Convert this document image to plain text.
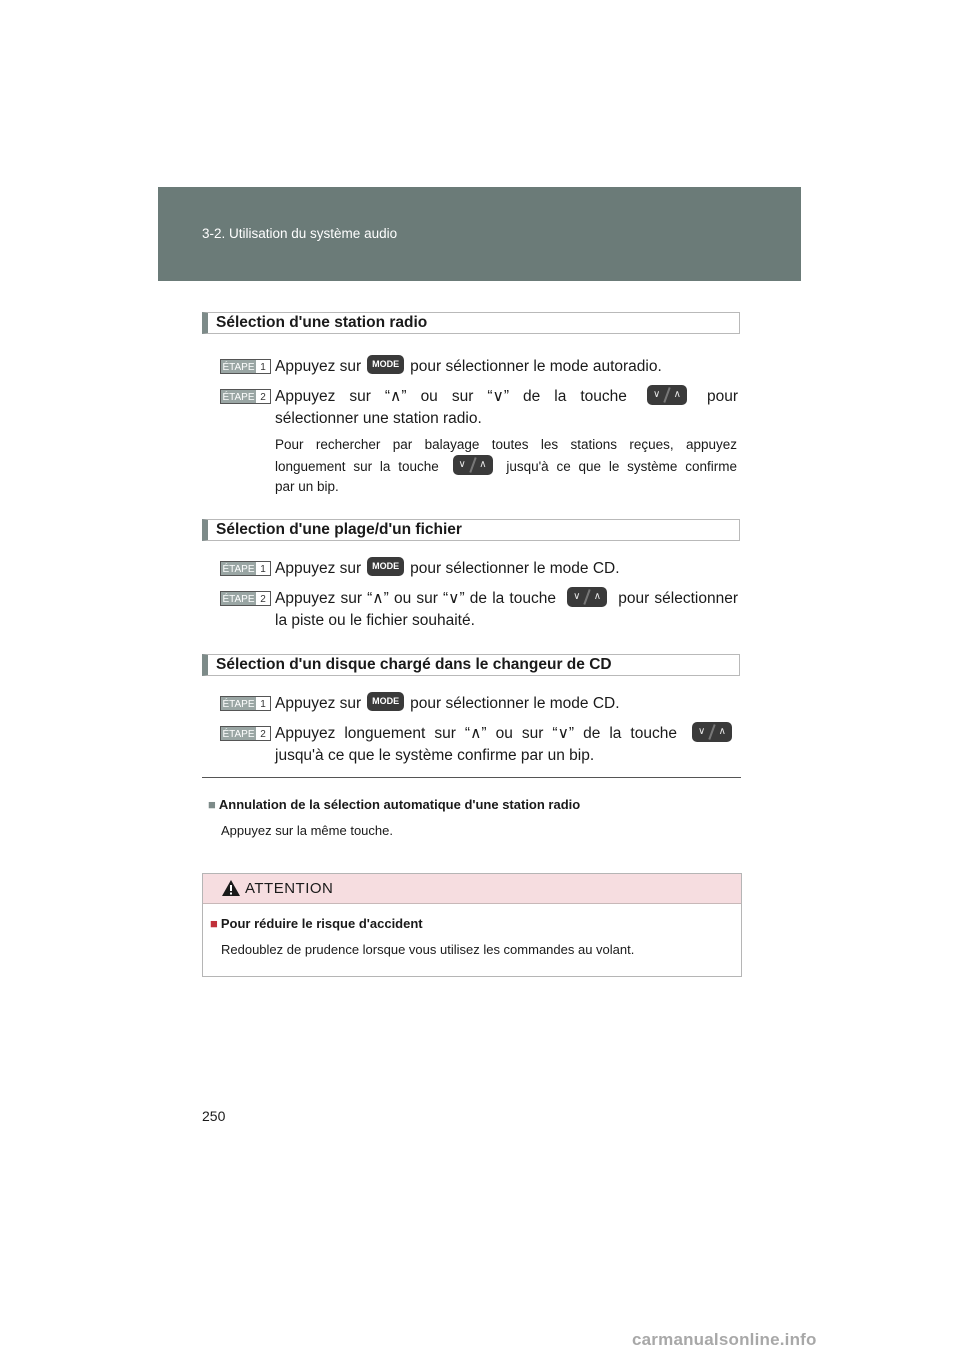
3-2. Utilisation du système audio
Sélection d'une station radio
ÉTAPE 1 Appuyez sur MODE pour sélectionner le mode autoradio.
ÉTAPE 2 Appuyez sur “∧” ou sur “∨” de la touche	∨ ∧ pour
sélectionner une station radio.
Pour rechercher par balayage toutes les stations reçues, appuyez
longuement sur la touche ∨ ∧ jusqu'à ce que le système confirme
par un bip.
Sélection d'une plage/d'un fichier
ÉTAPE 1 Appuyez sur MODE pour sélectionner le mode CD.
ÉTAPE 2 Appuyez sur “∧” ou sur “∨” de la touche ∨ ∧ pour sélectionner
la piste ou le fichier souhaité.
Sélection d'un disque chargé dans le changeur de CD
ÉTAPE 1 Appuyez sur MODE pour sélectionner le mode CD.
ÉTAPE 2 Appuyez longuement sur “∧” ou sur “∨” de la touche ∨ ∧
jusqu'à ce que le système confirme par un bip.
■ Annulation de la sélection automatique d'une station radio
Appuyez sur la même touche.
ATTENTION
■ Pour réduire le risque d'accident
Redoublez de prudence lorsque vous utilisez les commandes au volant.
250
carmanualsonline.info
